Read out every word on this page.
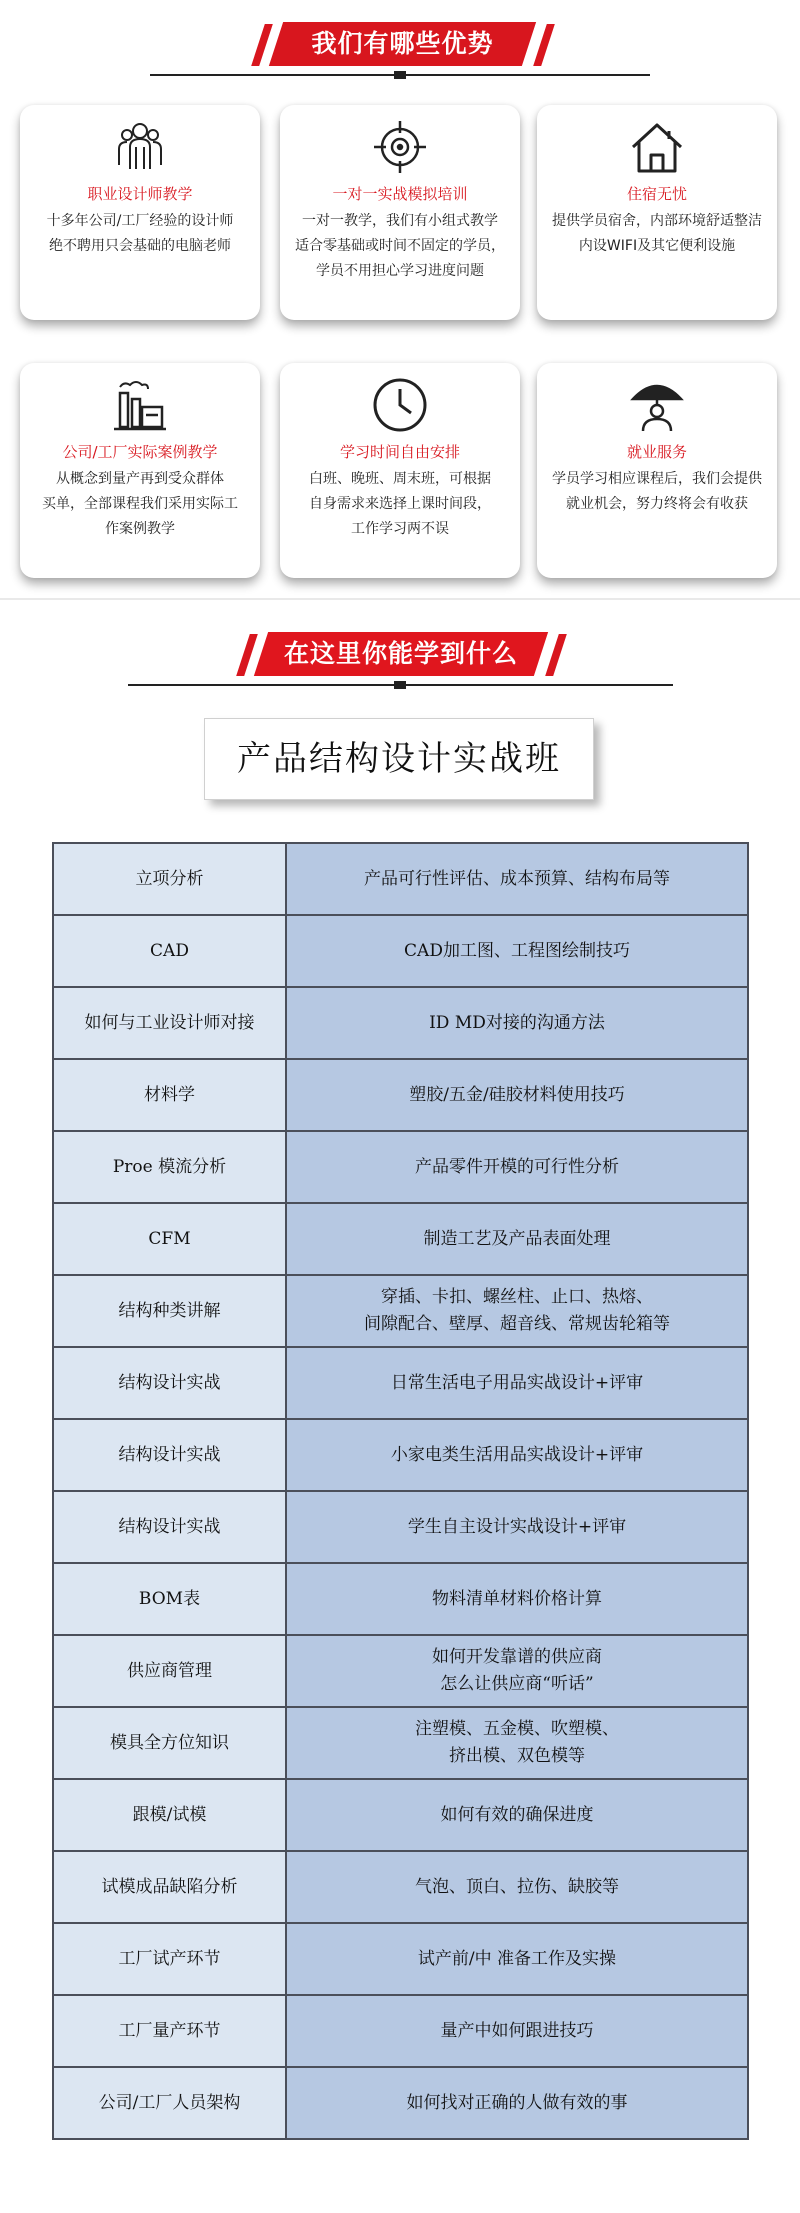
我们有哪些优势
职业设计师教学
十多年公司/工厂经验的设计师
绝不聘用只会基础的电脑老师
一对一实战模拟培训
一对一教学，我们有小组式教学
适合零基础或时间不固定的学员，
学员不用担心学习进度问题
住宿无忧
提供学员宿舍，内部环境舒适整洁
内设WIFI及其它便利设施
公司/工厂实际案例教学
从概念到量产再到受众群体
买单，全部课程我们采用实际工
作案例教学
学习时间自由安排
白班、晚班、周末班，可根据
自身需求来选择上课时间段，
工作学习两不误
就业服务
学员学习相应课程后，我们会提供
就业机会，努力终将会有收获
在这里你能学到什么
产品结构设计实战班
立项分析	产品可行性评估、成本预算、结构布局等

CAD	CAD加工图、工程图绘制技巧

如何与工业设计师对接	ID MD对接的沟通方法

材料学	塑胶/五金/硅胶材料使用技巧

Proe 模流分析	产品零件开模的可行性分析

CFM	制造工艺及产品表面处理

结构种类讲解	穿插、卡扣、螺丝柱、止口、热熔、
间隙配合、壁厚、超音线、常规齿轮箱等

结构设计实战	日常生活电子用品实战设计+评审

结构设计实战	小家电类生活用品实战设计+评审

结构设计实战	学生自主设计实战设计+评审

BOM表	物料清单材料价格计算

供应商管理	如何开发靠谱的供应商
怎么让供应商“听话”

模具全方位知识	注塑模、五金模、吹塑模、
挤出模、双色模等

跟模/试模	如何有效的确保进度

试模成品缺陷分析	气泡、顶白、拉伤、缺胶等

工厂试产环节	试产前/中 准备工作及实操

工厂量产环节	量产中如何跟进技巧

公司/工厂人员架构	如何找对正确的人做有效的事
